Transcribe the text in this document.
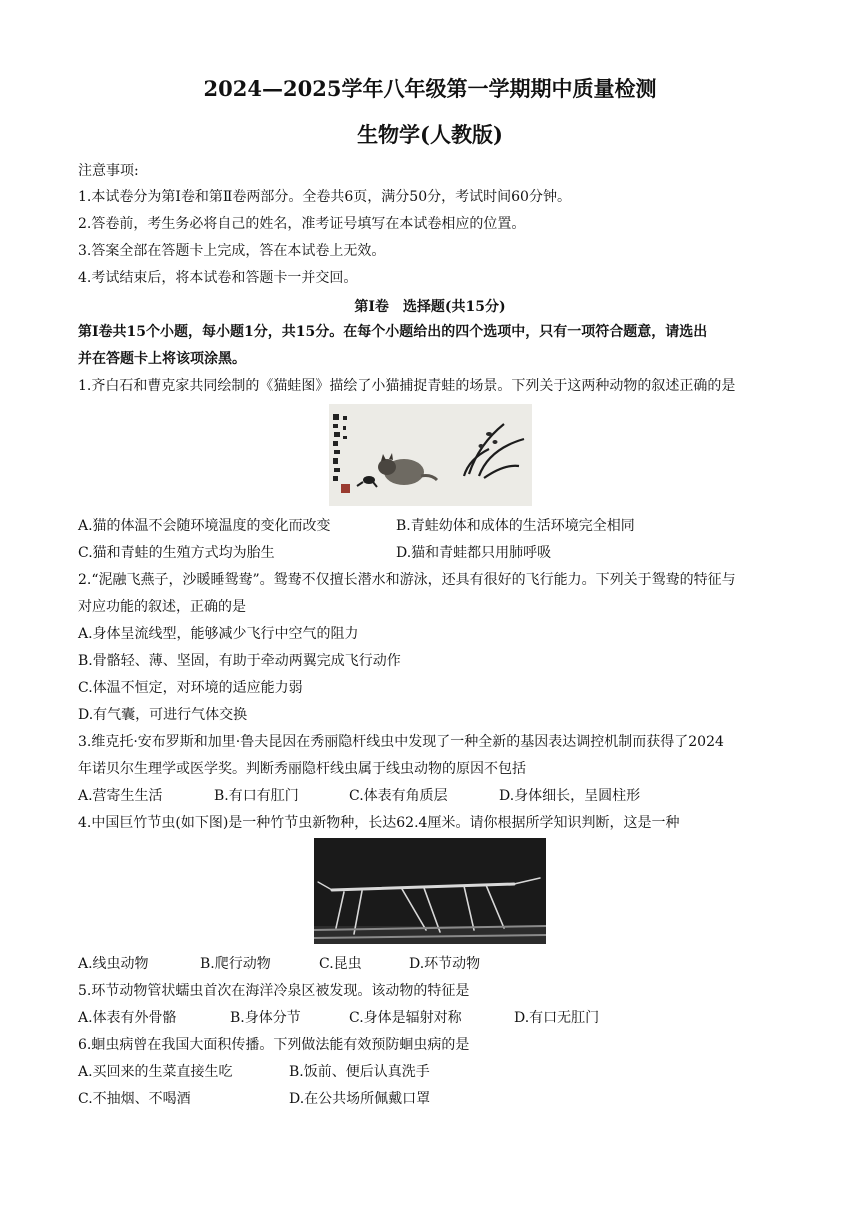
2024—2025学年八年级第一学期期中质量检测
生物学(人教版)
注意事项:
1.本试卷分为第Ⅰ卷和第Ⅱ卷两部分。全卷共6页，满分50分，考试时间60分钟。
2.答卷前，考生务必将自己的姓名，准考证号填写在本试卷相应的位置。
3.答案全部在答题卡上完成，答在本试卷上无效。
4.考试结束后，将本试卷和答题卡一并交回。
第Ⅰ卷　选择题(共15分)
第Ⅰ卷共15个小题，每小题1分，共15分。在每个小题给出的四个选项中，只有一项符合题意，请选出
并在答题卡上将该项涂黑。
1.齐白石和曹克家共同绘制的《猫蛙图》描绘了小猫捕捉青蛙的场景。下列关于这两种动物的叙述正确的是
A.猫的体温不会随环境温度的变化而改变	B.青蛙幼体和成体的生活环境完全相同
C.猫和青蛙的生殖方式均为胎生	D.猫和青蛙都只用肺呼吸
2.“泥融飞燕子，沙暖睡鸳鸯”。鸳鸯不仅擅长潜水和游泳，还具有很好的飞行能力。下列关于鸳鸯的特征与
对应功能的叙述，正确的是
A.身体呈流线型，能够减少飞行中空气的阻力
B.骨骼轻、薄、坚固，有助于牵动两翼完成飞行动作
C.体温不恒定，对环境的适应能力弱
D.有气囊，可进行气体交换
3.维克托·安布罗斯和加里·鲁夫昆因在秀丽隐杆线虫中发现了一种全新的基因表达调控机制而获得了2024
年诺贝尔生理学或医学奖。判断秀丽隐杆线虫属于线虫动物的原因不包括
A.营寄生生活	B.有口有肛门	C.体表有角质层	D.身体细长，呈圆柱形
4.中国巨竹节虫(如下图)是一种竹节虫新物种，长达62.4厘米。请你根据所学知识判断，这是一种
A.线虫动物	B.爬行动物	C.昆虫	D.环节动物
5.环节动物管状蠕虫首次在海洋冷泉区被发现。该动物的特征是
A.体表有外骨骼	B.身体分节	C.身体是辐射对称	D.有口无肛门
6.蛔虫病曾在我国大面积传播。下列做法能有效预防蛔虫病的是
A.买回来的生菜直接生吃	B.饭前、便后认真洗手
C.不抽烟、不喝酒	D.在公共场所佩戴口罩
